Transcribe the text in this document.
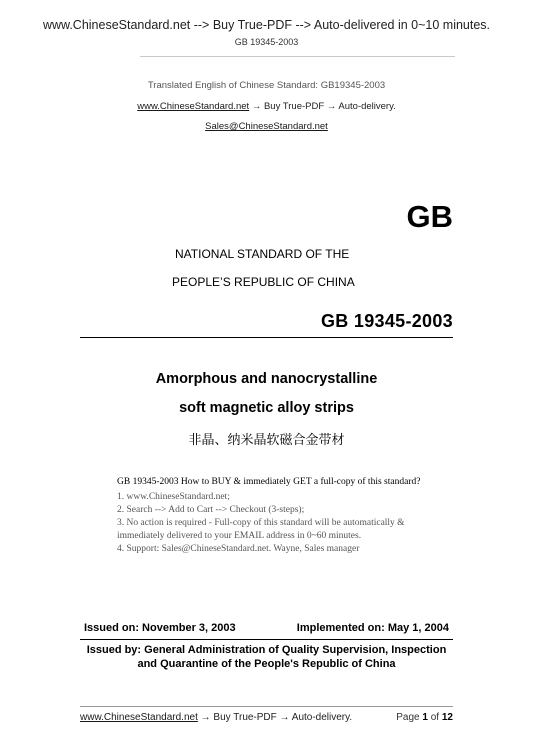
www.ChineseStandard.net --> Buy True-PDF --> Auto-delivered in 0~10 minutes.
GB 19345-2003
Translated English of Chinese Standard: GB19345-2003
www.ChineseStandard.net → Buy True-PDF → Auto-delivery.
Sales@ChineseStandard.net
GB
NATIONAL STANDARD OF THE
PEOPLE’S REPUBLIC OF CHINA
GB 19345-2003
Amorphous and nanocrystalline
soft magnetic alloy strips
非晶、纳米晶软磁合金带材
GB 19345-2003 How to BUY & immediately GET a full-copy of this standard?
1. www.ChineseStandard.net;
2. Search --> Add to Cart --> Checkout (3-steps);
3. No action is required - Full-copy of this standard will be automatically &
immediately delivered to your EMAIL address in 0~60 minutes.
4. Support: Sales@ChineseStandard.net. Wayne, Sales manager
Issued on: November 3, 2003	Implemented on: May 1, 2004
Issued by: General Administration of Quality Supervision, Inspection
and Quarantine of the People's Republic of China
www.ChineseStandard.net → Buy True-PDF → Auto-delivery.	Page 1 of 12
